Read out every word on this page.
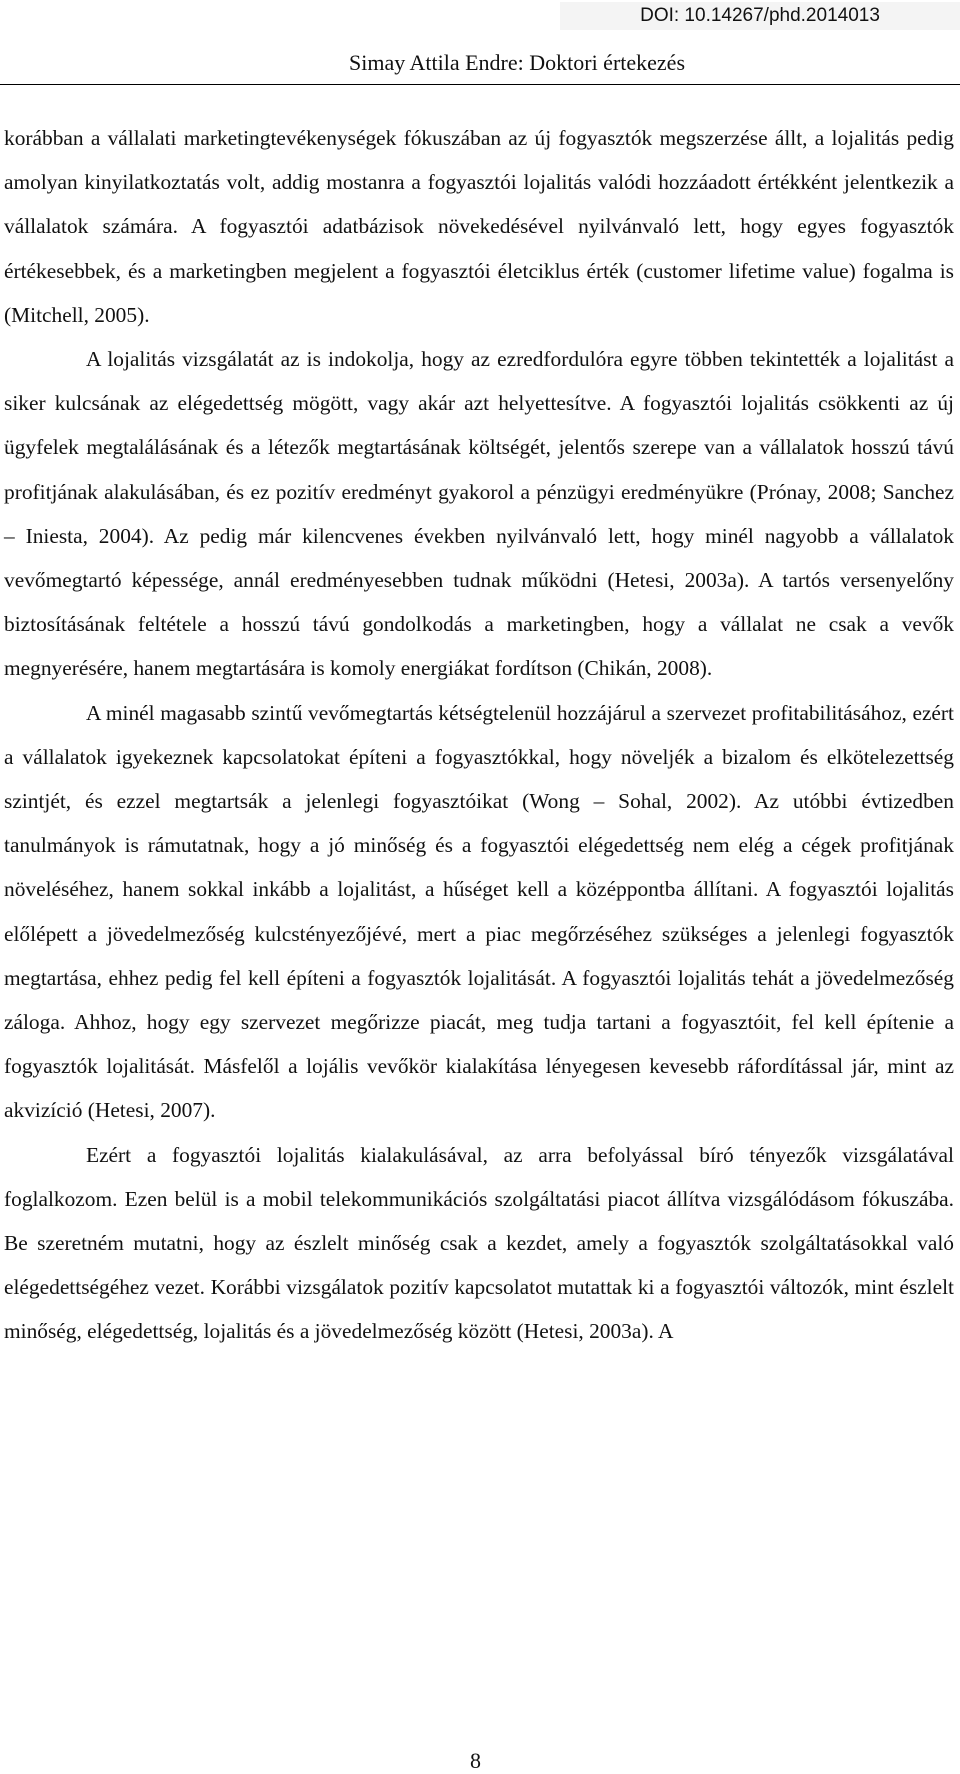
DOI: 10.14267/phd.2014013
Simay Attila Endre: Doktori értekezés

korábban a vállalati marketingtevékenységek fókuszában az új fogyasztók megszerzése állt, a lojalitás pedig amolyan kinyilatkoztatás volt, addig mostanra a fogyasztói lojalitás valódi hozzáadott értékként jelentkezik a vállalatok számára. A fogyasztói adatbázisok növekedésével nyilvánvaló lett, hogy egyes fogyasztók értékesebbek, és a marketingben megjelent a fogyasztói életciklus érték (customer lifetime value) fogalma is (Mitchell, 2005).

A lojalitás vizsgálatát az is indokolja, hogy az ezredfordulóra egyre többen tekintették a lojalitást a siker kulcsának az elégedettség mögött, vagy akár azt helyettesítve. A fogyasztói lojalitás csökkenti az új ügyfelek megtalálásának és a létezők megtartásának költségét, jelentős szerepe van a vállalatok hosszú távú profitjának alakulásában, és ez pozitív eredményt gyakorol a pénzügyi eredményükre (Prónay, 2008; Sanchez – Iniesta, 2004). Az pedig már kilencvenes években nyilvánvaló lett, hogy minél nagyobb a vállalatok vevőmegtartó képessége, annál eredményesebben tudnak működni (Hetesi, 2003a). A tartós versenyelőny biztosításának feltétele a hosszú távú gondolkodás a marketingben, hogy a vállalat ne csak a vevők megnyerésére, hanem megtartására is komoly energiákat fordítson (Chikán, 2008).

A minél magasabb szintű vevőmegtartás kétségtelenül hozzájárul a szervezet profitabilitásához, ezért a vállalatok igyekeznek kapcsolatokat építeni a fogyasztókkal, hogy növeljék a bizalom és elkötelezettség szintjét, és ezzel megtartsák a jelenlegi fogyasztóikat (Wong – Sohal, 2002). Az utóbbi évtizedben tanulmányok is rámutatnak, hogy a jó minőség és a fogyasztói elégedettség nem elég a cégek profitjának növeléséhez, hanem sokkal inkább a lojalitást, a hűséget kell a középpontba állítani. A fogyasztói lojalitás előlépett a jövedelmezőség kulcstényezőjévé, mert a piac megőrzéséhez szükséges a jelenlegi fogyasztók megtartása, ehhez pedig fel kell építeni a fogyasztók lojalitását. A fogyasztói lojalitás tehát a jövedelmezőség záloga. Ahhoz, hogy egy szervezet megőrizze piacát, meg tudja tartani a fogyasztóit, fel kell építenie a fogyasztók lojalitását. Másfelől a lojális vevőkör kialakítása lényegesen kevesebb ráfordítással jár, mint az akvizíció (Hetesi, 2007).

Ezért a fogyasztói lojalitás kialakulásával, az arra befolyással bíró tényezők vizsgálatával foglalkozom. Ezen belül is a mobil telekommunikációs szolgáltatási piacot állítva vizsgálódásom fókuszába. Be szeretném mutatni, hogy az észlelt minőség csak a kezdet, amely a fogyasztók szolgáltatásokkal való elégedettségéhez vezet. Korábbi vizsgálatok pozitív kapcsolatot mutattak ki a fogyasztói változók, mint észlelt minőség, elégedettség, lojalitás és a jövedelmezőség között (Hetesi, 2003a). A

8
